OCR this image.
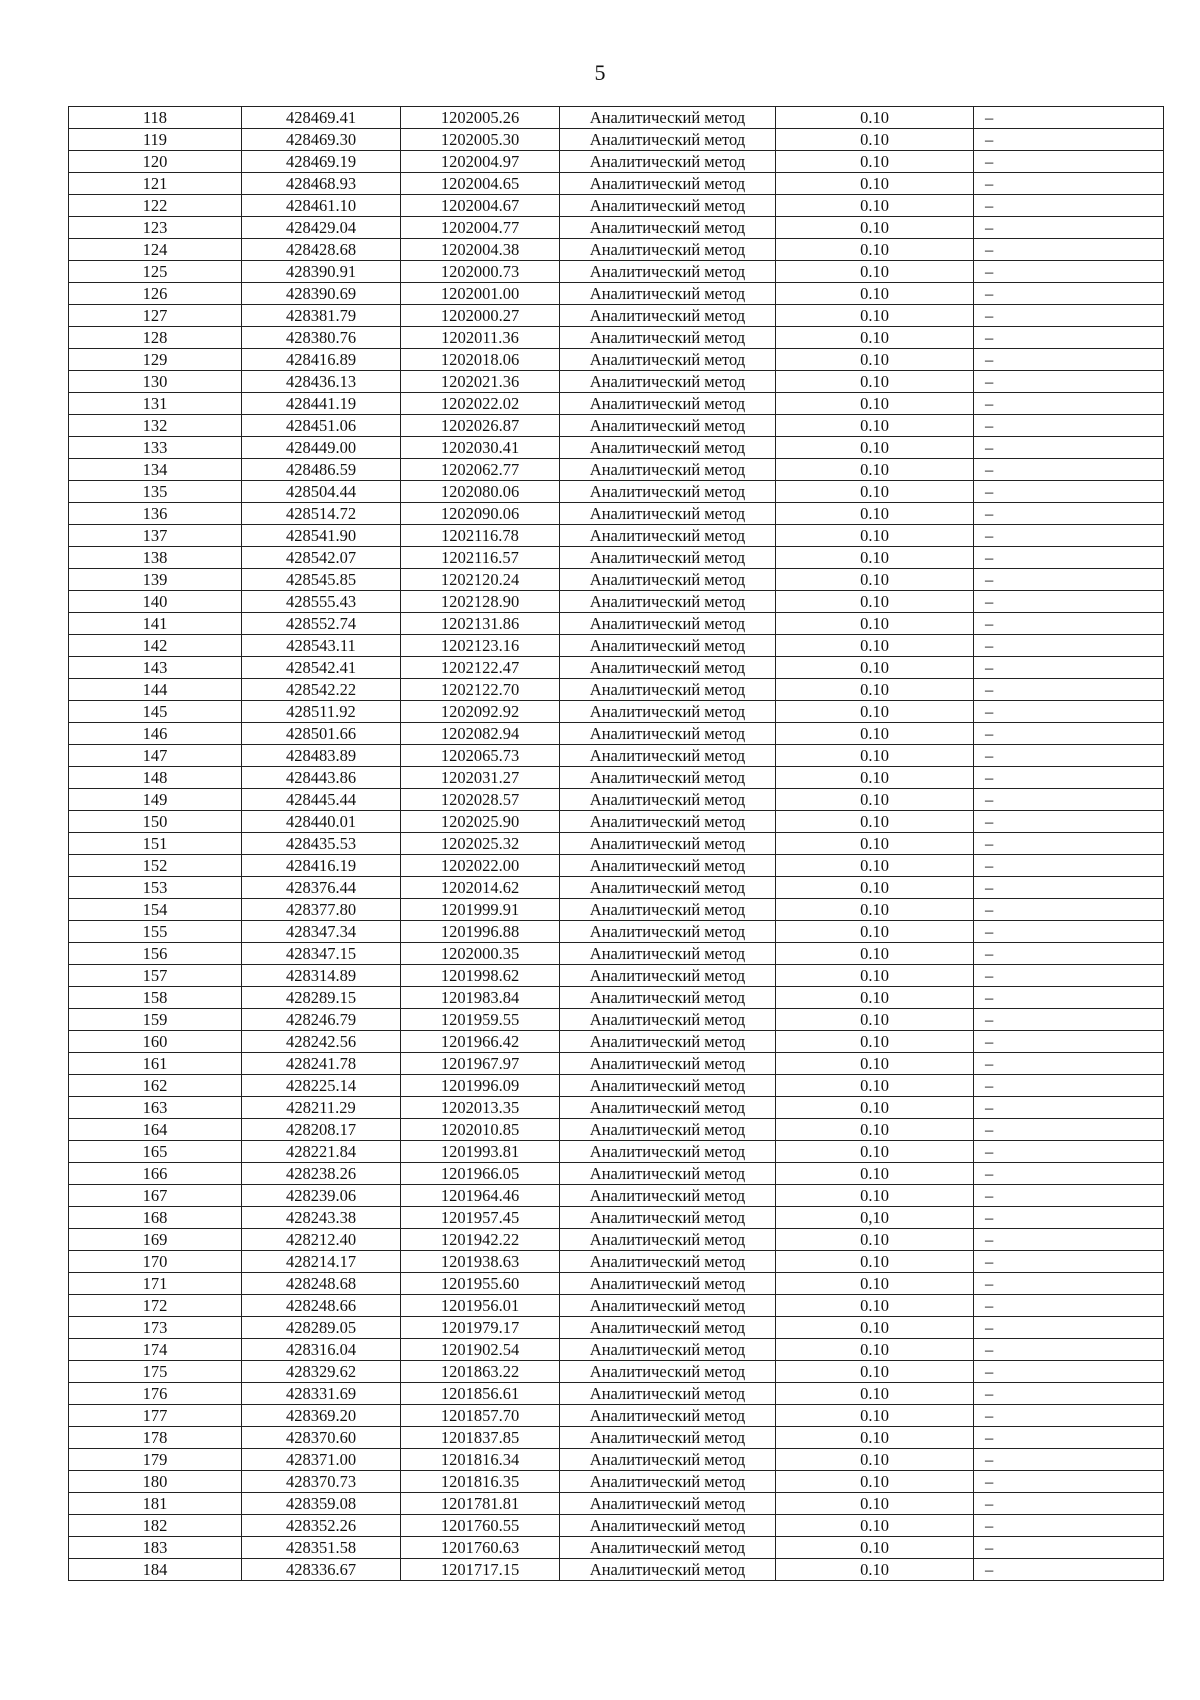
5
118	428469.41	1202005.26	Аналитический метод	0.10	–
119	428469.30	1202005.30	Аналитический метод	0.10	–
120	428469.19	1202004.97	Аналитический метод	0.10	–
121	428468.93	1202004.65	Аналитический метод	0.10	–
122	428461.10	1202004.67	Аналитический метод	0.10	–
123	428429.04	1202004.77	Аналитический метод	0.10	–
124	428428.68	1202004.38	Аналитический метод	0.10	–
125	428390.91	1202000.73	Аналитический метод	0.10	–
126	428390.69	1202001.00	Аналитический метод	0.10	–
127	428381.79	1202000.27	Аналитический метод	0.10	–
128	428380.76	1202011.36	Аналитический метод	0.10	–
129	428416.89	1202018.06	Аналитический метод	0.10	–
130	428436.13	1202021.36	Аналитический метод	0.10	–
131	428441.19	1202022.02	Аналитический метод	0.10	–
132	428451.06	1202026.87	Аналитический метод	0.10	–
133	428449.00	1202030.41	Аналитический метод	0.10	–
134	428486.59	1202062.77	Аналитический метод	0.10	–
135	428504.44	1202080.06	Аналитический метод	0.10	–
136	428514.72	1202090.06	Аналитический метод	0.10	–
137	428541.90	1202116.78	Аналитический метод	0.10	–
138	428542.07	1202116.57	Аналитический метод	0.10	–
139	428545.85	1202120.24	Аналитический метод	0.10	–
140	428555.43	1202128.90	Аналитический метод	0.10	–
141	428552.74	1202131.86	Аналитический метод	0.10	–
142	428543.11	1202123.16	Аналитический метод	0.10	–
143	428542.41	1202122.47	Аналитический метод	0.10	–
144	428542.22	1202122.70	Аналитический метод	0.10	–
145	428511.92	1202092.92	Аналитический метод	0.10	–
146	428501.66	1202082.94	Аналитический метод	0.10	–
147	428483.89	1202065.73	Аналитический метод	0.10	–
148	428443.86	1202031.27	Аналитический метод	0.10	–
149	428445.44	1202028.57	Аналитический метод	0.10	–
150	428440.01	1202025.90	Аналитический метод	0.10	–
151	428435.53	1202025.32	Аналитический метод	0.10	–
152	428416.19	1202022.00	Аналитический метод	0.10	–
153	428376.44	1202014.62	Аналитический метод	0.10	–
154	428377.80	1201999.91	Аналитический метод	0.10	–
155	428347.34	1201996.88	Аналитический метод	0.10	–
156	428347.15	1202000.35	Аналитический метод	0.10	–
157	428314.89	1201998.62	Аналитический метод	0.10	–
158	428289.15	1201983.84	Аналитический метод	0.10	–
159	428246.79	1201959.55	Аналитический метод	0.10	–
160	428242.56	1201966.42	Аналитический метод	0.10	–
161	428241.78	1201967.97	Аналитический метод	0.10	–
162	428225.14	1201996.09	Аналитический метод	0.10	–
163	428211.29	1202013.35	Аналитический метод	0.10	–
164	428208.17	1202010.85	Аналитический метод	0.10	–
165	428221.84	1201993.81	Аналитический метод	0.10	–
166	428238.26	1201966.05	Аналитический метод	0.10	–
167	428239.06	1201964.46	Аналитический метод	0.10	–
168	428243.38	1201957.45	Аналитический метод	0,10	–
169	428212.40	1201942.22	Аналитический метод	0.10	–
170	428214.17	1201938.63	Аналитический метод	0.10	–
171	428248.68	1201955.60	Аналитический метод	0.10	–
172	428248.66	1201956.01	Аналитический метод	0.10	–
173	428289.05	1201979.17	Аналитический метод	0.10	–
174	428316.04	1201902.54	Аналитический метод	0.10	–
175	428329.62	1201863.22	Аналитический метод	0.10	–
176	428331.69	1201856.61	Аналитический метод	0.10	–
177	428369.20	1201857.70	Аналитический метод	0.10	–
178	428370.60	1201837.85	Аналитический метод	0.10	–
179	428371.00	1201816.34	Аналитический метод	0.10	–
180	428370.73	1201816.35	Аналитический метод	0.10	–
181	428359.08	1201781.81	Аналитический метод	0.10	–
182	428352.26	1201760.55	Аналитический метод	0.10	–
183	428351.58	1201760.63	Аналитический метод	0.10	–
184	428336.67	1201717.15	Аналитический метод	0.10	–
